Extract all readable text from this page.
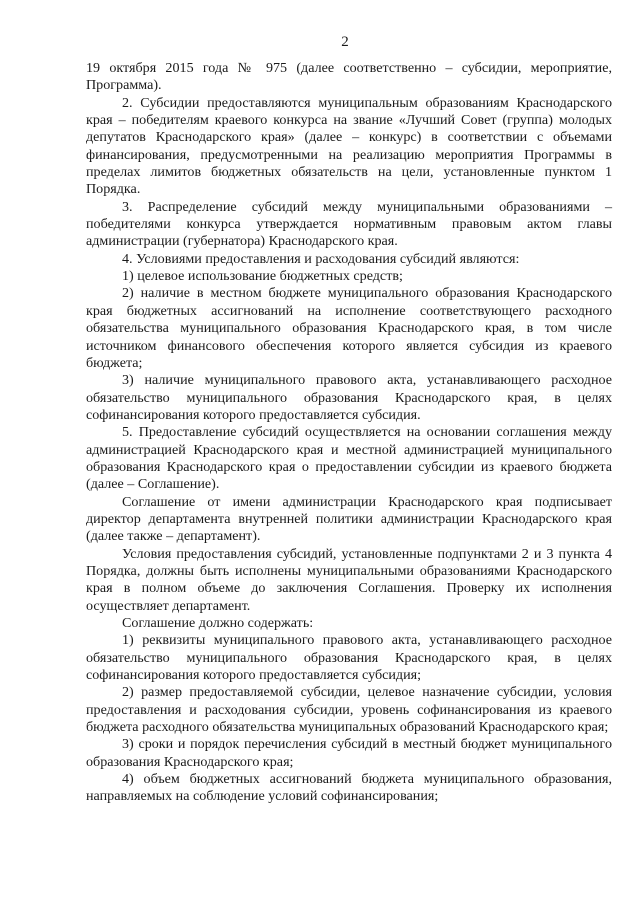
2

19 октября 2015 года № 975 (далее соответственно – субсидии, мероприятие, Программа).

2. Субсидии предоставляются муниципальным образованиям Краснодарского края – победителям краевого конкурса на звание «Лучший Совет (группа) молодых депутатов Краснодарского края» (далее – конкурс) в соответствии с объемами финансирования, предусмотренными на реализацию мероприятия Программы в пределах лимитов бюджетных обязательств на цели, установленные пунктом 1 Порядка.

3. Распределение субсидий между муниципальными образованиями – победителями конкурса утверждается нормативным правовым актом главы администрации (губернатора) Краснодарского края.

4. Условиями предоставления и расходования субсидий являются:

1) целевое использование бюджетных средств;

2) наличие в местном бюджете муниципального образования Краснодарского края бюджетных ассигнований на исполнение соответствующего расходного обязательства муниципального образования Краснодарского края, в том числе источником финансового обеспечения которого является субсидия из краевого бюджета;

3) наличие муниципального правового акта, устанавливающего расходное обязательство муниципального образования Краснодарского края, в целях софинансирования которого предоставляется субсидия.

5. Предоставление субсидий осуществляется на основании соглашения между администрацией Краснодарского края и местной администрацией муниципального образования Краснодарского края о предоставлении субсидии из краевого бюджета (далее – Соглашение).

Соглашение от имени администрации Краснодарского края подписывает директор департамента внутренней политики администрации Краснодарского края (далее также – департамент).

Условия предоставления субсидий, установленные подпунктами 2 и 3 пункта 4 Порядка, должны быть исполнены муниципальными образованиями Краснодарского края в полном объеме до заключения Соглашения. Проверку их исполнения осуществляет департамент.

Соглашение должно содержать:

1) реквизиты муниципального правового акта, устанавливающего расходное обязательство муниципального образования Краснодарского края, в целях софинансирования которого предоставляется субсидия;

2) размер предоставляемой субсидии, целевое назначение субсидии, условия предоставления и расходования субсидии, уровень софинансирования из краевого бюджета расходного обязательства муниципальных образований Краснодарского края;

3) сроки и порядок перечисления субсидий в местный бюджет муниципального образования Краснодарского края;

4) объем бюджетных ассигнований бюджета муниципального образования, направляемых на соблюдение условий софинансирования;
